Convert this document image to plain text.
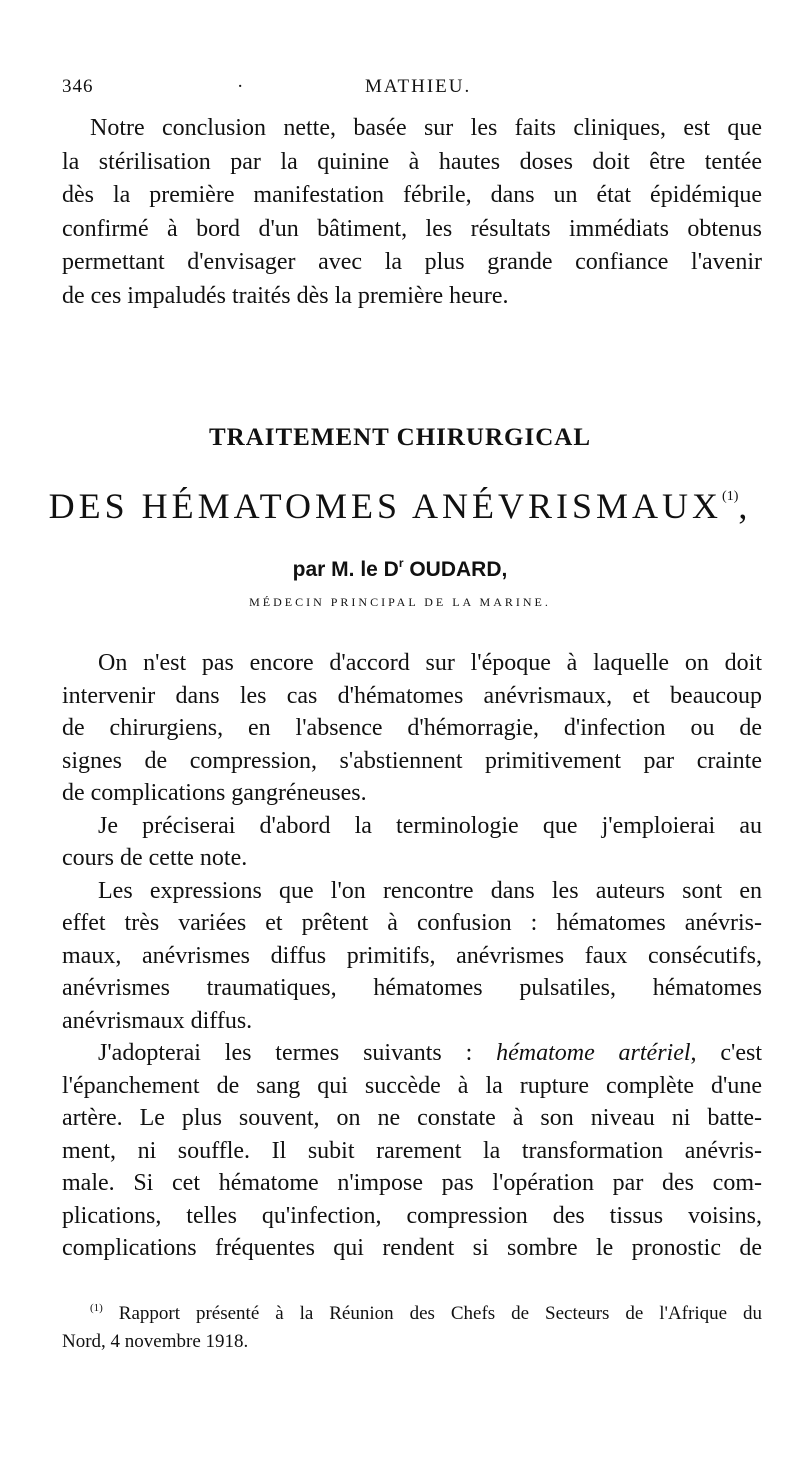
346	·	MATHIEU.
Notre conclusion nette, basée sur les faits cliniques, est que
la stérilisation par la quinine à hautes doses doit être tentée
dès la première manifestation fébrile, dans un état épidémique
confirmé à bord d'un bâtiment, les résultats immédiats obtenus
permettant d'envisager avec la plus grande confiance l'avenir
de ces impaludés traités dès la première heure.
TRAITEMENT CHIRURGICAL
DES HÉMATOMES ANÉVRISMAUX$^{(1)}$,
par M. le $D^r$ OUDARD,
MÉDECIN PRINCIPAL DE LA MARINE.
On n'est pas encore d'accord sur l'époque à laquelle on doit
intervenir dans les cas d'hématomes anévrismaux, et beaucoup
de chirurgiens, en l'absence d'hémorragie, d'infection ou de
signes de compression, s'abstiennent primitivement par crainte
de complications gangréneuses.
Je préciserai d'abord la terminologie que j'emploierai au
cours de cette note.
Les expressions que l'on rencontre dans les auteurs sont en
effet très variées et prêtent à confusion : hématomes anévris-
maux, anévrismes diffus primitifs, anévrismes faux consécutifs,
anévrismes traumatiques, hématomes pulsatiles, hématomes
anévrismaux diffus.
J'adopterai les termes suivants : hématome artériel, c'est
l'épanchement de sang qui succède à la rupture complète d'une
artère. Le plus souvent, on ne constate à son niveau ni batte-
ment, ni souffle. Il subit rarement la transformation anévris-
male. Si cet hématome n'impose pas l'opération par des com-
plications, telles qu'infection, compression des tissus voisins,
complications fréquentes qui rendent si sombre le pronostic de
$^{(1)}$ Rapport présenté à la Réunion des Chefs de Secteurs de l'Afrique du
Nord, 4 novembre 1918.
